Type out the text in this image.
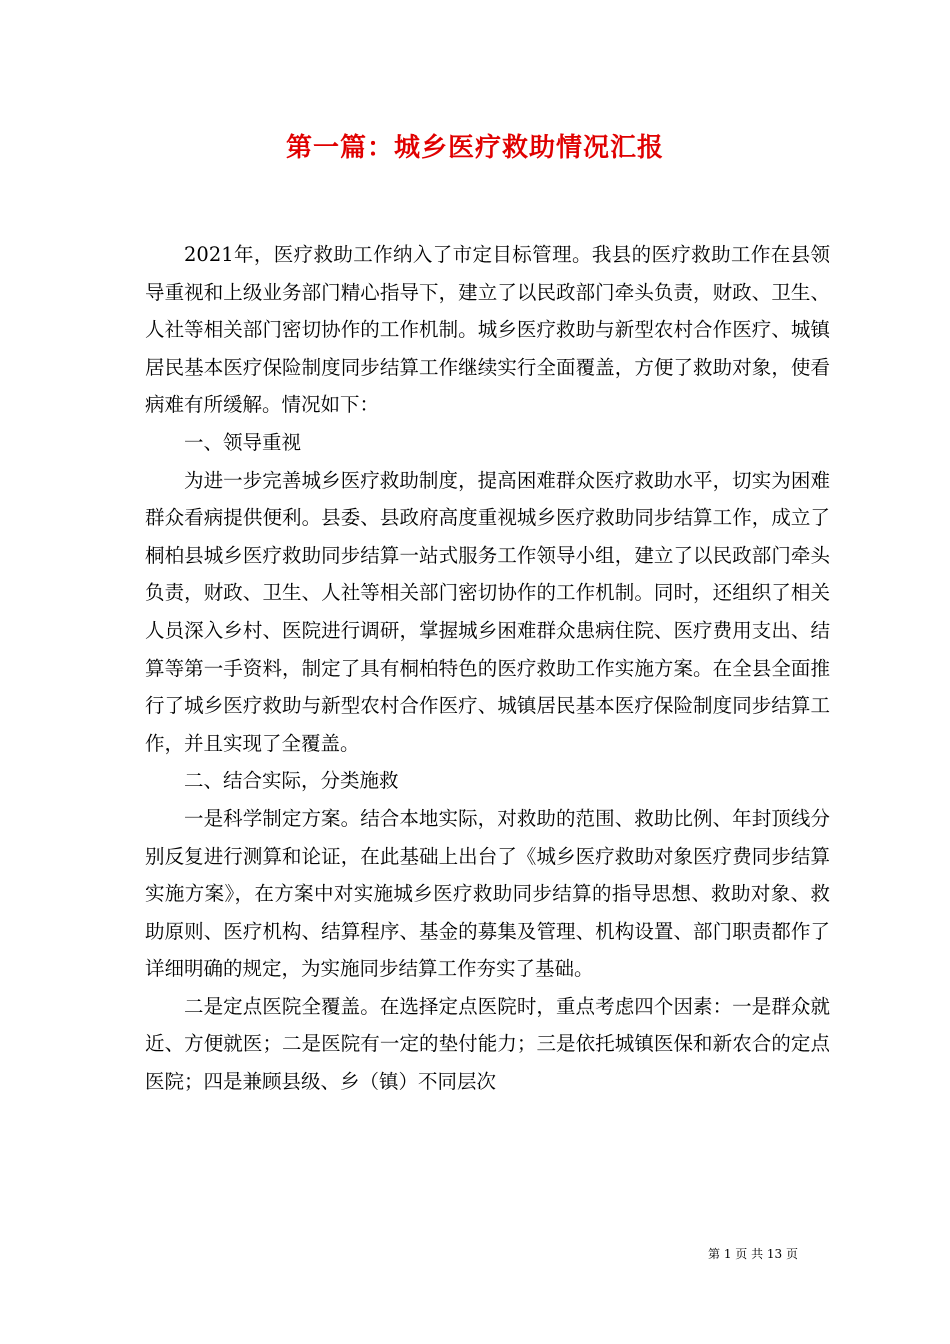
第一篇：城乡医疗救助情况汇报

2021年，医疗救助工作纳入了市定目标管理。我县的医疗救助工作在县领导重视和上级业务部门精心指导下，建立了以民政部门牵头负责，财政、卫生、人社等相关部门密切协作的工作机制。城乡医疗救助与新型农村合作医疗、城镇居民基本医疗保险制度同步结算工作继续实行全面覆盖，方便了救助对象，使看病难有所缓解。情况如下：

一、领导重视

为进一步完善城乡医疗救助制度，提高困难群众医疗救助水平，切实为困难群众看病提供便利。县委、县政府高度重视城乡医疗救助同步结算工作，成立了桐柏县城乡医疗救助同步结算一站式服务工作领导小组，建立了以民政部门牵头负责，财政、卫生、人社等相关部门密切协作的工作机制。同时，还组织了相关人员深入乡村、医院进行调研，掌握城乡困难群众患病住院、医疗费用支出、结算等第一手资料，制定了具有桐柏特色的医疗救助工作实施方案。在全县全面推行了城乡医疗救助与新型农村合作医疗、城镇居民基本医疗保险制度同步结算工作，并且实现了全覆盖。

二、结合实际，分类施救

一是科学制定方案。结合本地实际，对救助的范围、救助比例、年封顶线分别反复进行测算和论证，在此基础上出台了《城乡医疗救助对象医疗费同步结算实施方案》，在方案中对实施城乡医疗救助同步结算的指导思想、救助对象、救助原则、医疗机构、结算程序、基金的募集及管理、机构设置、部门职责都作了详细明确的规定，为实施同步结算工作夯实了基础。

二是定点医院全覆盖。在选择定点医院时，重点考虑四个因素：一是群众就近、方便就医；二是医院有一定的垫付能力；三是依托城镇医保和新农合的定点医院；四是兼顾县级、乡（镇）不同层次

第 1 页 共 13 页
